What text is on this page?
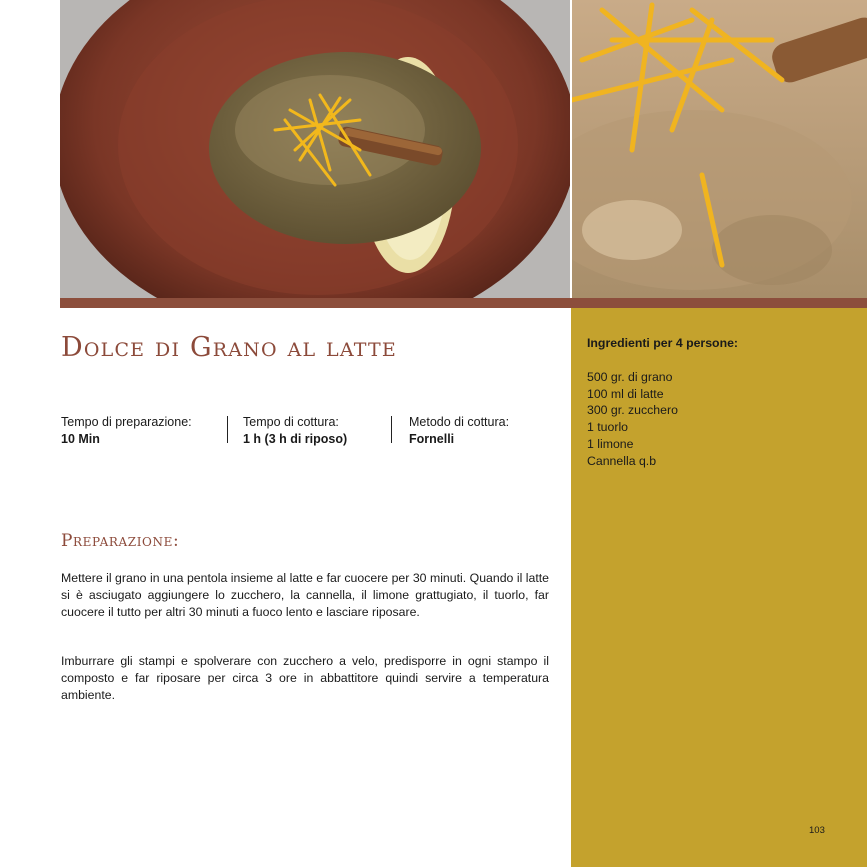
Dolce di Grano al latte
Tempo di preparazione:
10 Min
Tempo di cottura:
1 h (3 h di riposo)
Metodo di cottura:
Fornelli
Preparazione:

Mettere il grano in una pentola insieme al latte e far cuocere per 30 minuti. Quando il latte si è asciugato aggiungere lo zucchero, la cannella, il limone grattugiato, il tuorlo, far cuocere il tutto per altri 30 minuti a fuoco lento e lasciare riposare.

Imburrare gli stampi e spolverare con zucchero a velo, predisporre in ogni stampo il composto e far riposare per circa 3 ore in abbattitore quindi servire a temperatura ambiente.

Ingredienti per 4 persone:
500 gr. di grano
100 ml di latte
300 gr. zucchero
1 tuorlo
1 limone
Cannella q.b
103
